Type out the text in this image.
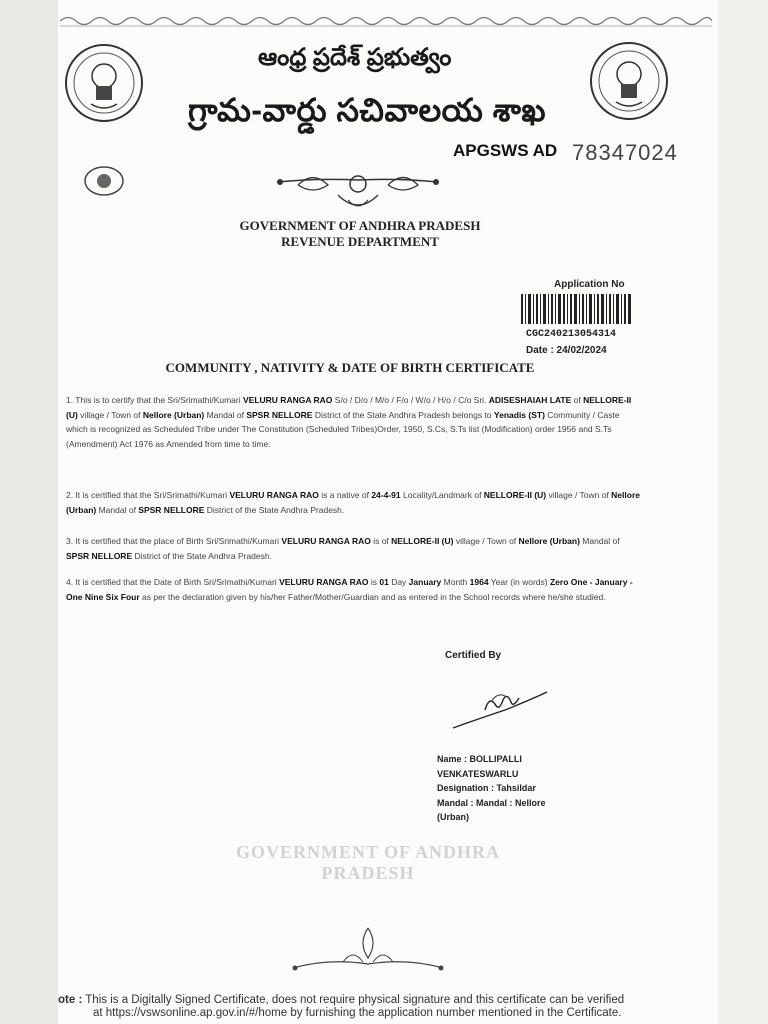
ఆంధ్ర ప్రదేశ్ ప్రభుత్వం
గ్రామ-వార్డు సచివాలయ శాఖ
APGSWS AD 78347024
GOVERNMENT OF ANDHRA PRADESH
REVENUE DEPARTMENT
Application No
CGC240213054314
Date : 24/02/2024
COMMUNITY , NATIVITY & DATE OF BIRTH CERTIFICATE
1. This is to certify that the Sri/Srimathi/Kumari VELURU RANGA RAO S/o / D/o / M/o / F/o / W/o / H/o / C/o Sri. ADISESHAIAH LATE of NELLORE-II (U) village / Town of Nellore (Urban) Mandal of SPSR NELLORE District of the State Andhra Pradesh belongs to Yenadis (ST) Community / Caste which is recognized as Scheduled Tribe under The Constitution (Scheduled Tribes)Order, 1950, S.Cs, S.Ts list (Modification) order 1956 and S.Ts (Amendment) Act 1976 as Amended from time to time.
2. It is certified that the Sri/Srimathi/Kumari VELURU RANGA RAO is a native of 24-4-91 Locality/Landmark of NELLORE-II (U) village / Town of Nellore (Urban) Mandal of SPSR NELLORE District of the State Andhra Pradesh.
3. It is certified that the place of Birth Sri/Srimathi/Kumari VELURU RANGA RAO is of NELLORE-II (U) village / Town of Nellore (Urban) Mandal of SPSR NELLORE District of the State Andhra Pradesh.
4. It is certified that the Date of Birth Sri/Srimathi/Kumari VELURU RANGA RAO is 01 Day January Month 1964 Year (in words) Zero One - January - One Nine Six Four as per the declaration given by his/her Father/Mother/Guardian and as entered in the School records where he/she studied.
Certified By
Name : BOLLIPALLI
VENKATESWARLU
Designation : Tahsildar
Mandal : Mandal : Nellore
(Urban)
GOVERNMENT OF ANDHRA PRADESH
ote : This is a Digitally Signed Certificate, does not require physical signature and this certificate can be verified
at https://vswsonline.ap.gov.in/#/home by furnishing the application number mentioned in the Certificate.
